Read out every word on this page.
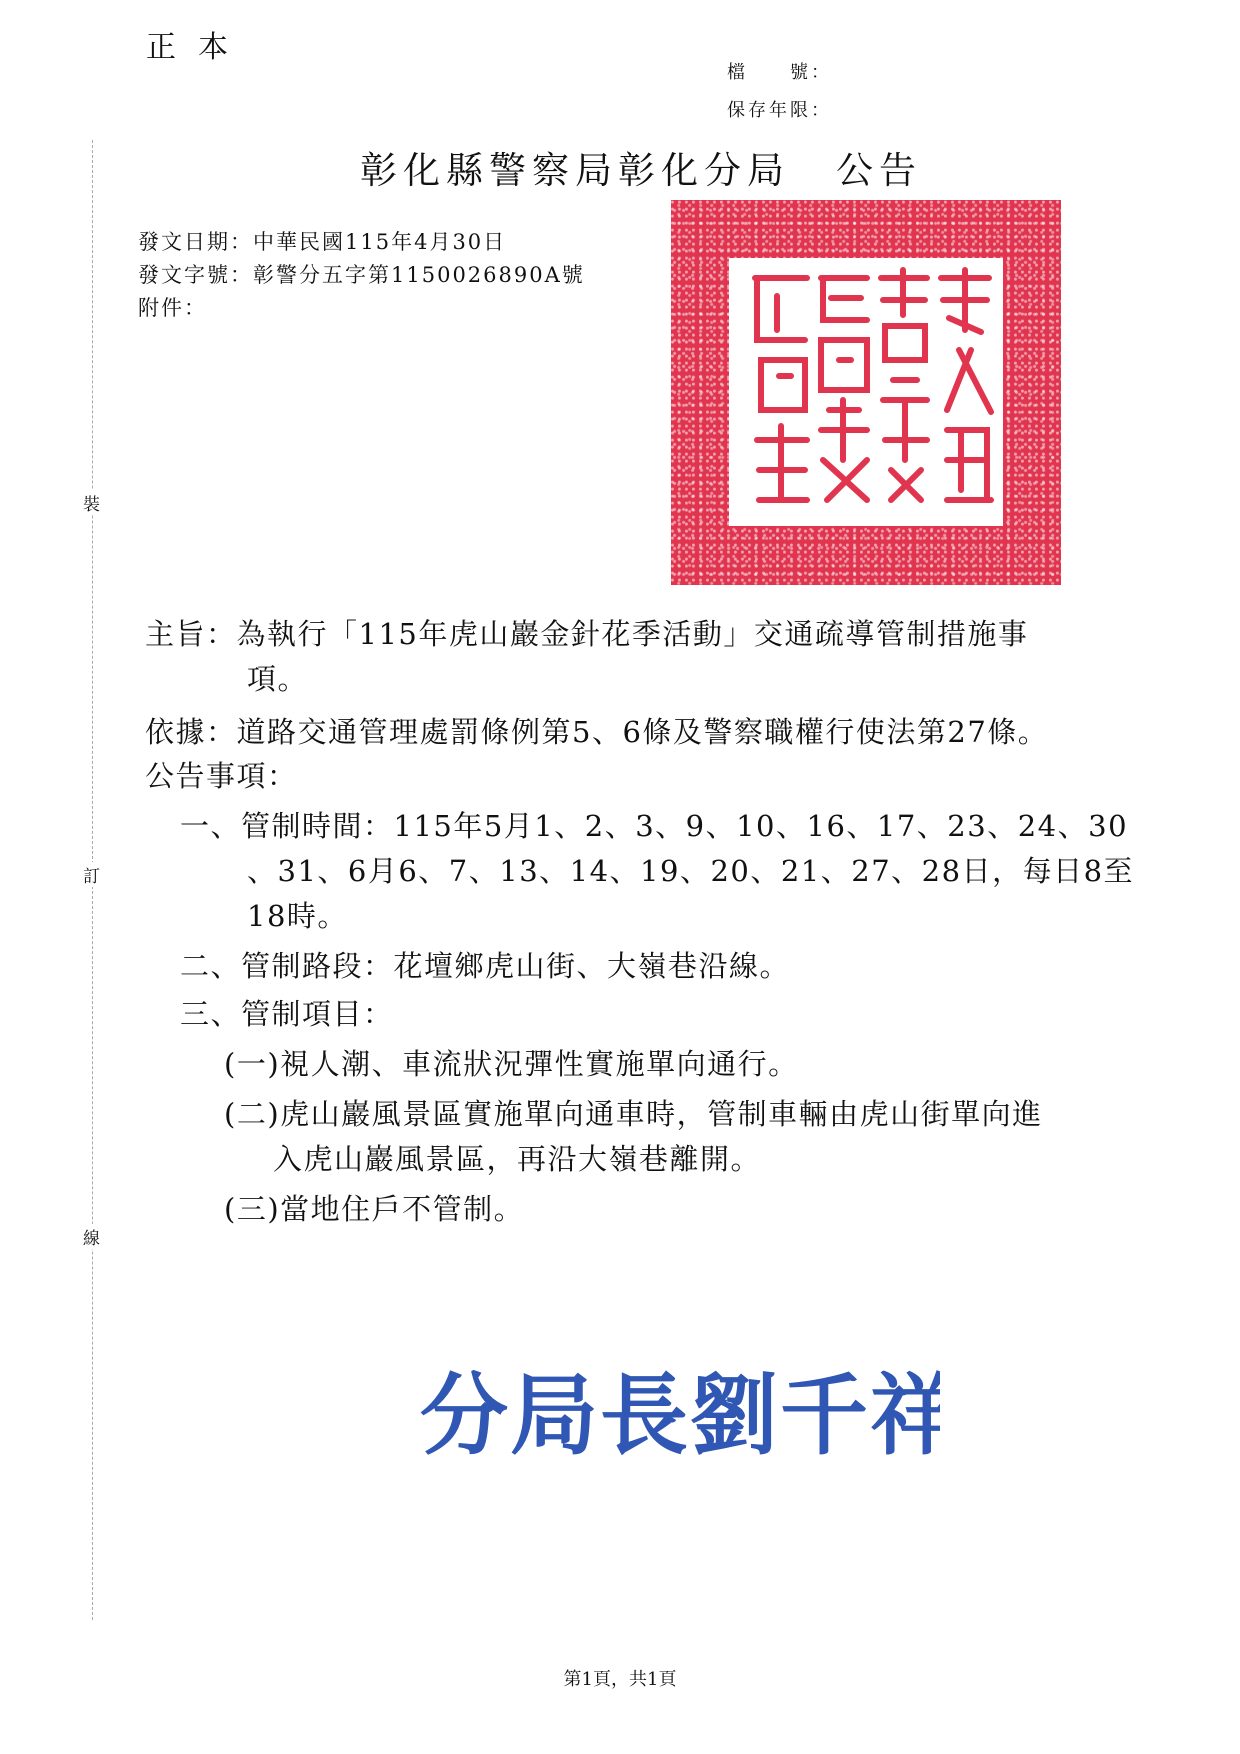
正本
檔　　號：
保存年限：
裝
訂
線
彰化縣警察局彰化分局 公告
發文日期：中華民國115年4月30日
發文字號：彰警分五字第1150026890A號
附件：
主旨：為執行「115年虎山巖金針花季活動」交通疏導管制措施事
項。
依據：道路交通管理處罰條例第5、6條及警察職權行使法第27條。
公告事項：
一、管制時間：115年5月1、2、3、9、10、16、17、23、24、30
、31、6月6、7、13、14、19、20、21、27、28日，每日8至
18時。
二、管制路段：花壇鄉虎山街、大嶺巷沿線。
三、管制項目：
(一)視人潮、車流狀況彈性實施單向通行。
(二)虎山巖風景區實施單向通車時，管制車輛由虎山街單向進
入虎山巖風景區，再沿大嶺巷離開。
(三)當地住戶不管制。
分局長劉千祥
第1頁，共1頁
